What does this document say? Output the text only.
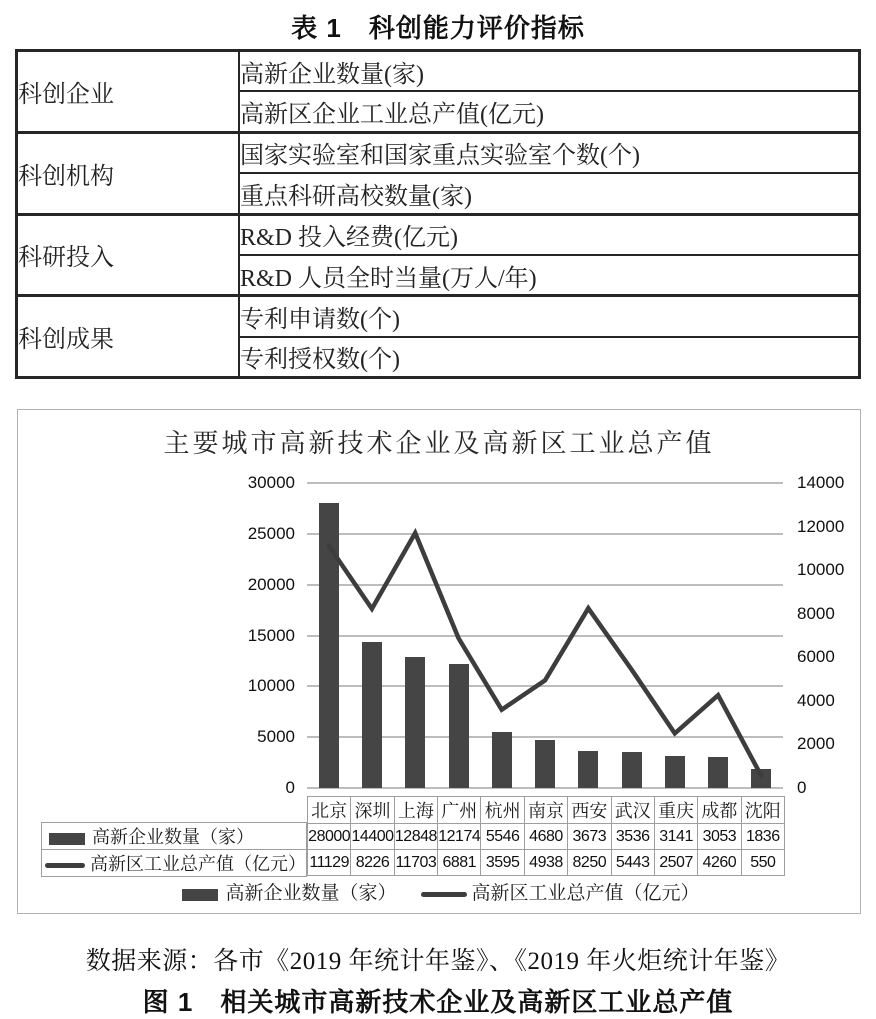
表 1　科创能力评价指标
科创企业	高新企业数量(家)
	高新区企业工业总产值(亿元)
科创机构	国家实验室和国家重点实验室个数(个)
	重点科研高校数量(家)
科研投入	R&D 投入经费(亿元)
	R&D 人员全时当量(万人/年)
科创成果	专利申请数(个)
	专利授权数(个)
主要城市高新技术企业及高新区工业总产值
0
5000
10000
15000
20000
25000
30000
0
2000
4000
6000
8000
10000
12000
14000
北京	深圳	上海	广州	杭州	南京	西安	武汉	重庆	成都	沈阳
28000	14400	12848	12174	5546	4680	3673	3536	3141	3053	1836
11129	8226	11703	6881	3595	4938	8250	5443	2507	4260	550
高新企业数量（家）
高新区工业总产值（亿元）
高新企业数量（家）	高新区工业总产值（亿元）
数据来源：各市《2019 年统计年鉴》、《2019 年火炬统计年鉴》
图 1　相关城市高新技术企业及高新区工业总产值
